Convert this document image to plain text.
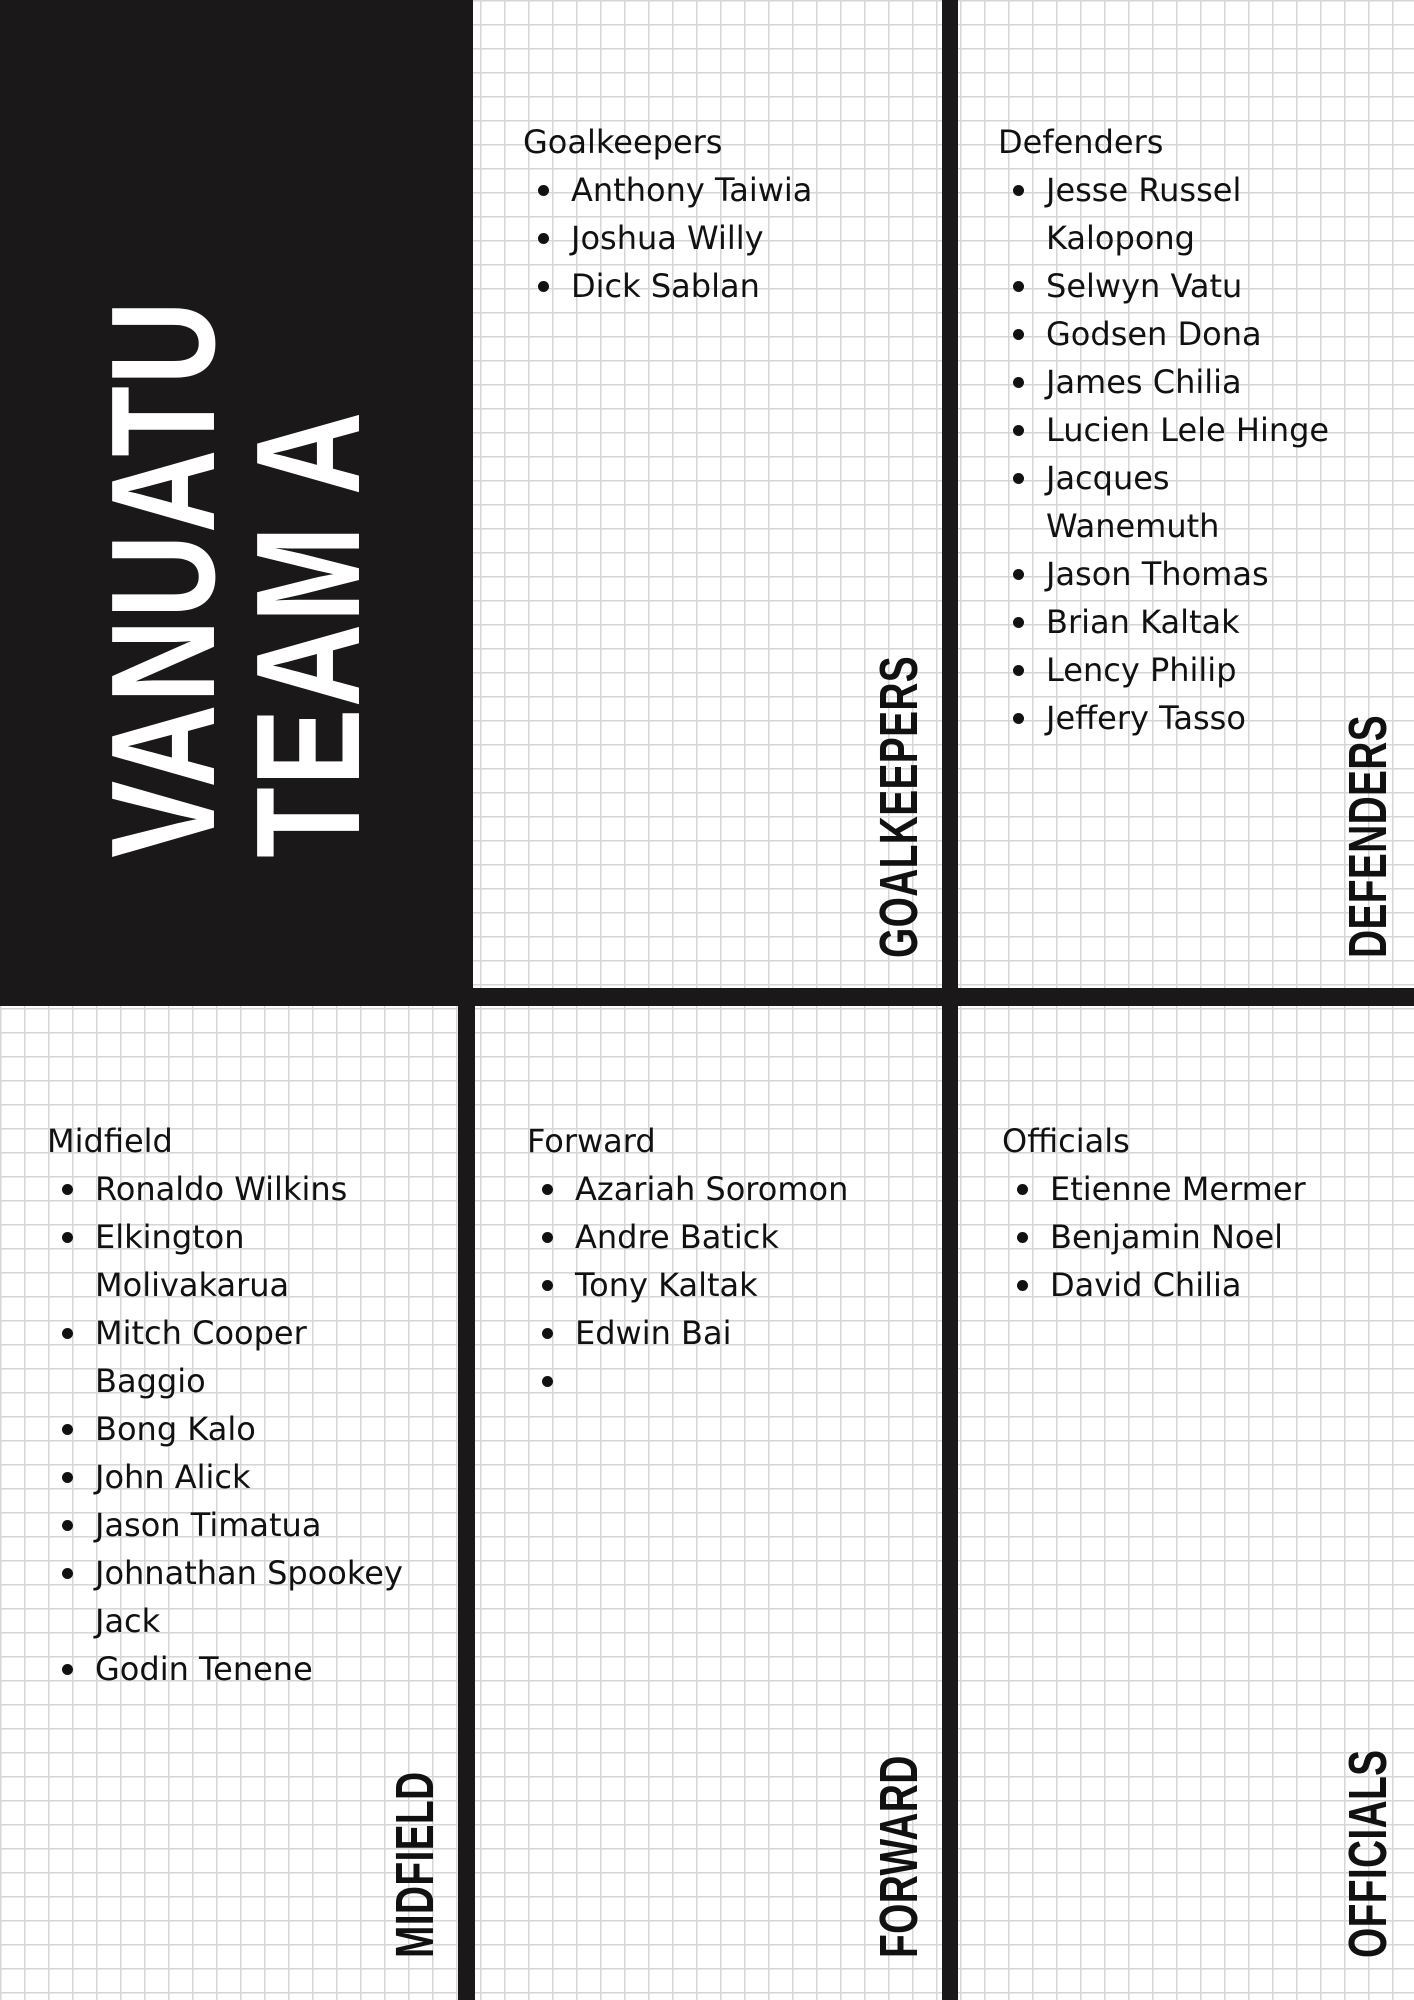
VANUATU
TEAM A

Goalkeepers

Anthony Taiwia
Joshua Willy
Dick Sablan

Defenders

Jesse Russel Kalopong
Selwyn Vatu
Godsen Dona
James Chilia
Lucien Lele Hinge
Jacques Wanemuth
Jason Thomas
Brian Kaltak
Lency Philip
Jeffery Tasso

Midfield

Ronaldo Wilkins
Elkington Molivakarua
Mitch Cooper Baggio
Bong Kalo
John Alick
Jason Timatua
Johnathan Spookey Jack
Godin Tenene

Forward

Azariah Soromon
Andre Batick
Tony Kaltak
Edwin Bai

Officials

Etienne Mermer
Benjamin Noel
David Chilia
GOALKEEPERS	DEFENDERS
MIDFIELD	FORWARD	OFFICIALS
